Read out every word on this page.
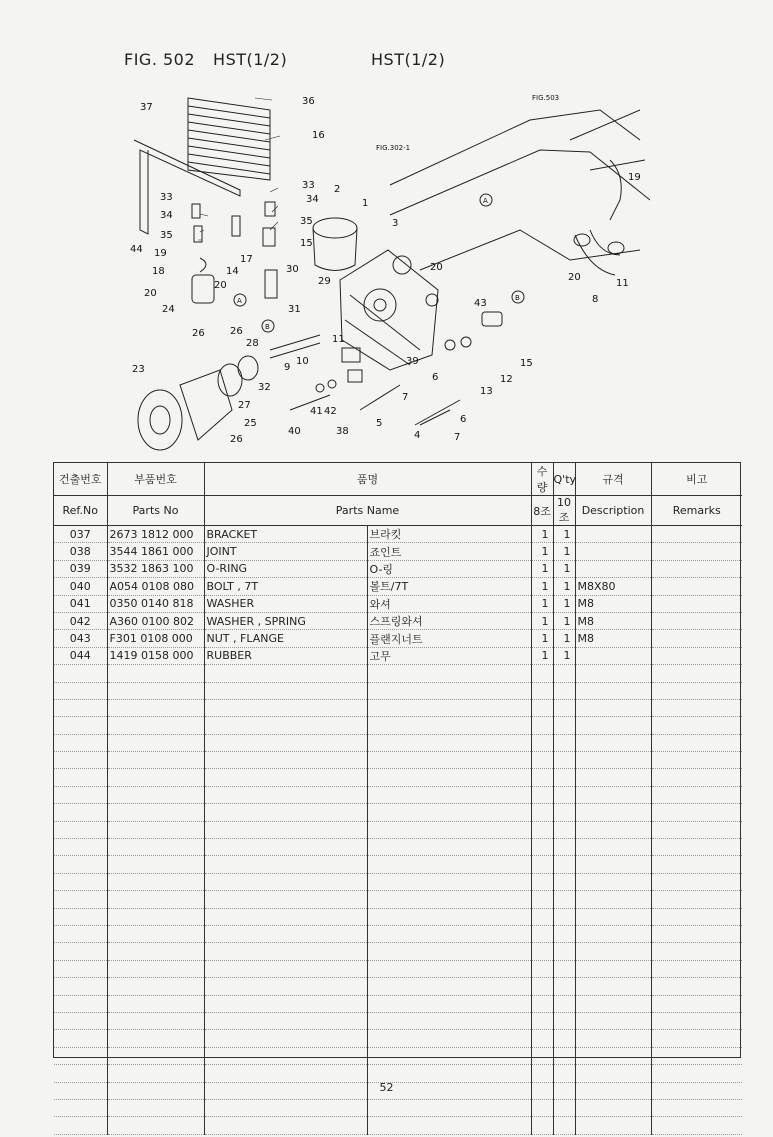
FIG. 502 HST(1/2)	HST(1/2)
37
36
16
33
34
35
15
33
34
35
44 19
18
20
20
24
17
14
2
1
3
30
29
31
26
28
23
25
27
32
10
9
11
39
6
7
6
7
4
5
38
41 42
40
13
12
15
43
20
20
8
11
19
26
26
FIG.503
FIG.302-1
A
B
A
B
건출번호	부품번호	품명		수량	Q'ty	규격	비고
Ref.No	Parts No	Parts Name		8조	10조	Description	Remarks
037	2673 1812 000	BRACKET	브라킷	1	1		
038	3544 1861 000	JOINT	죠인트	1	1		
039	3532 1863 100	O-RING	O-링	1	1		
040	A054 0108 080	BOLT , 7T	볼트/7T	1	1	M8X80	
041	0350 0140 818	WASHER	와셔	1	1	M8	
042	A360 0100 802	WASHER , SPRING	스프링와셔	1	1	M8	
043	F301 0108 000	NUT , FLANGE	플랜지너트	1	1	M8	
044	1419 0158 000	RUBBER	고무	1	1		

52
